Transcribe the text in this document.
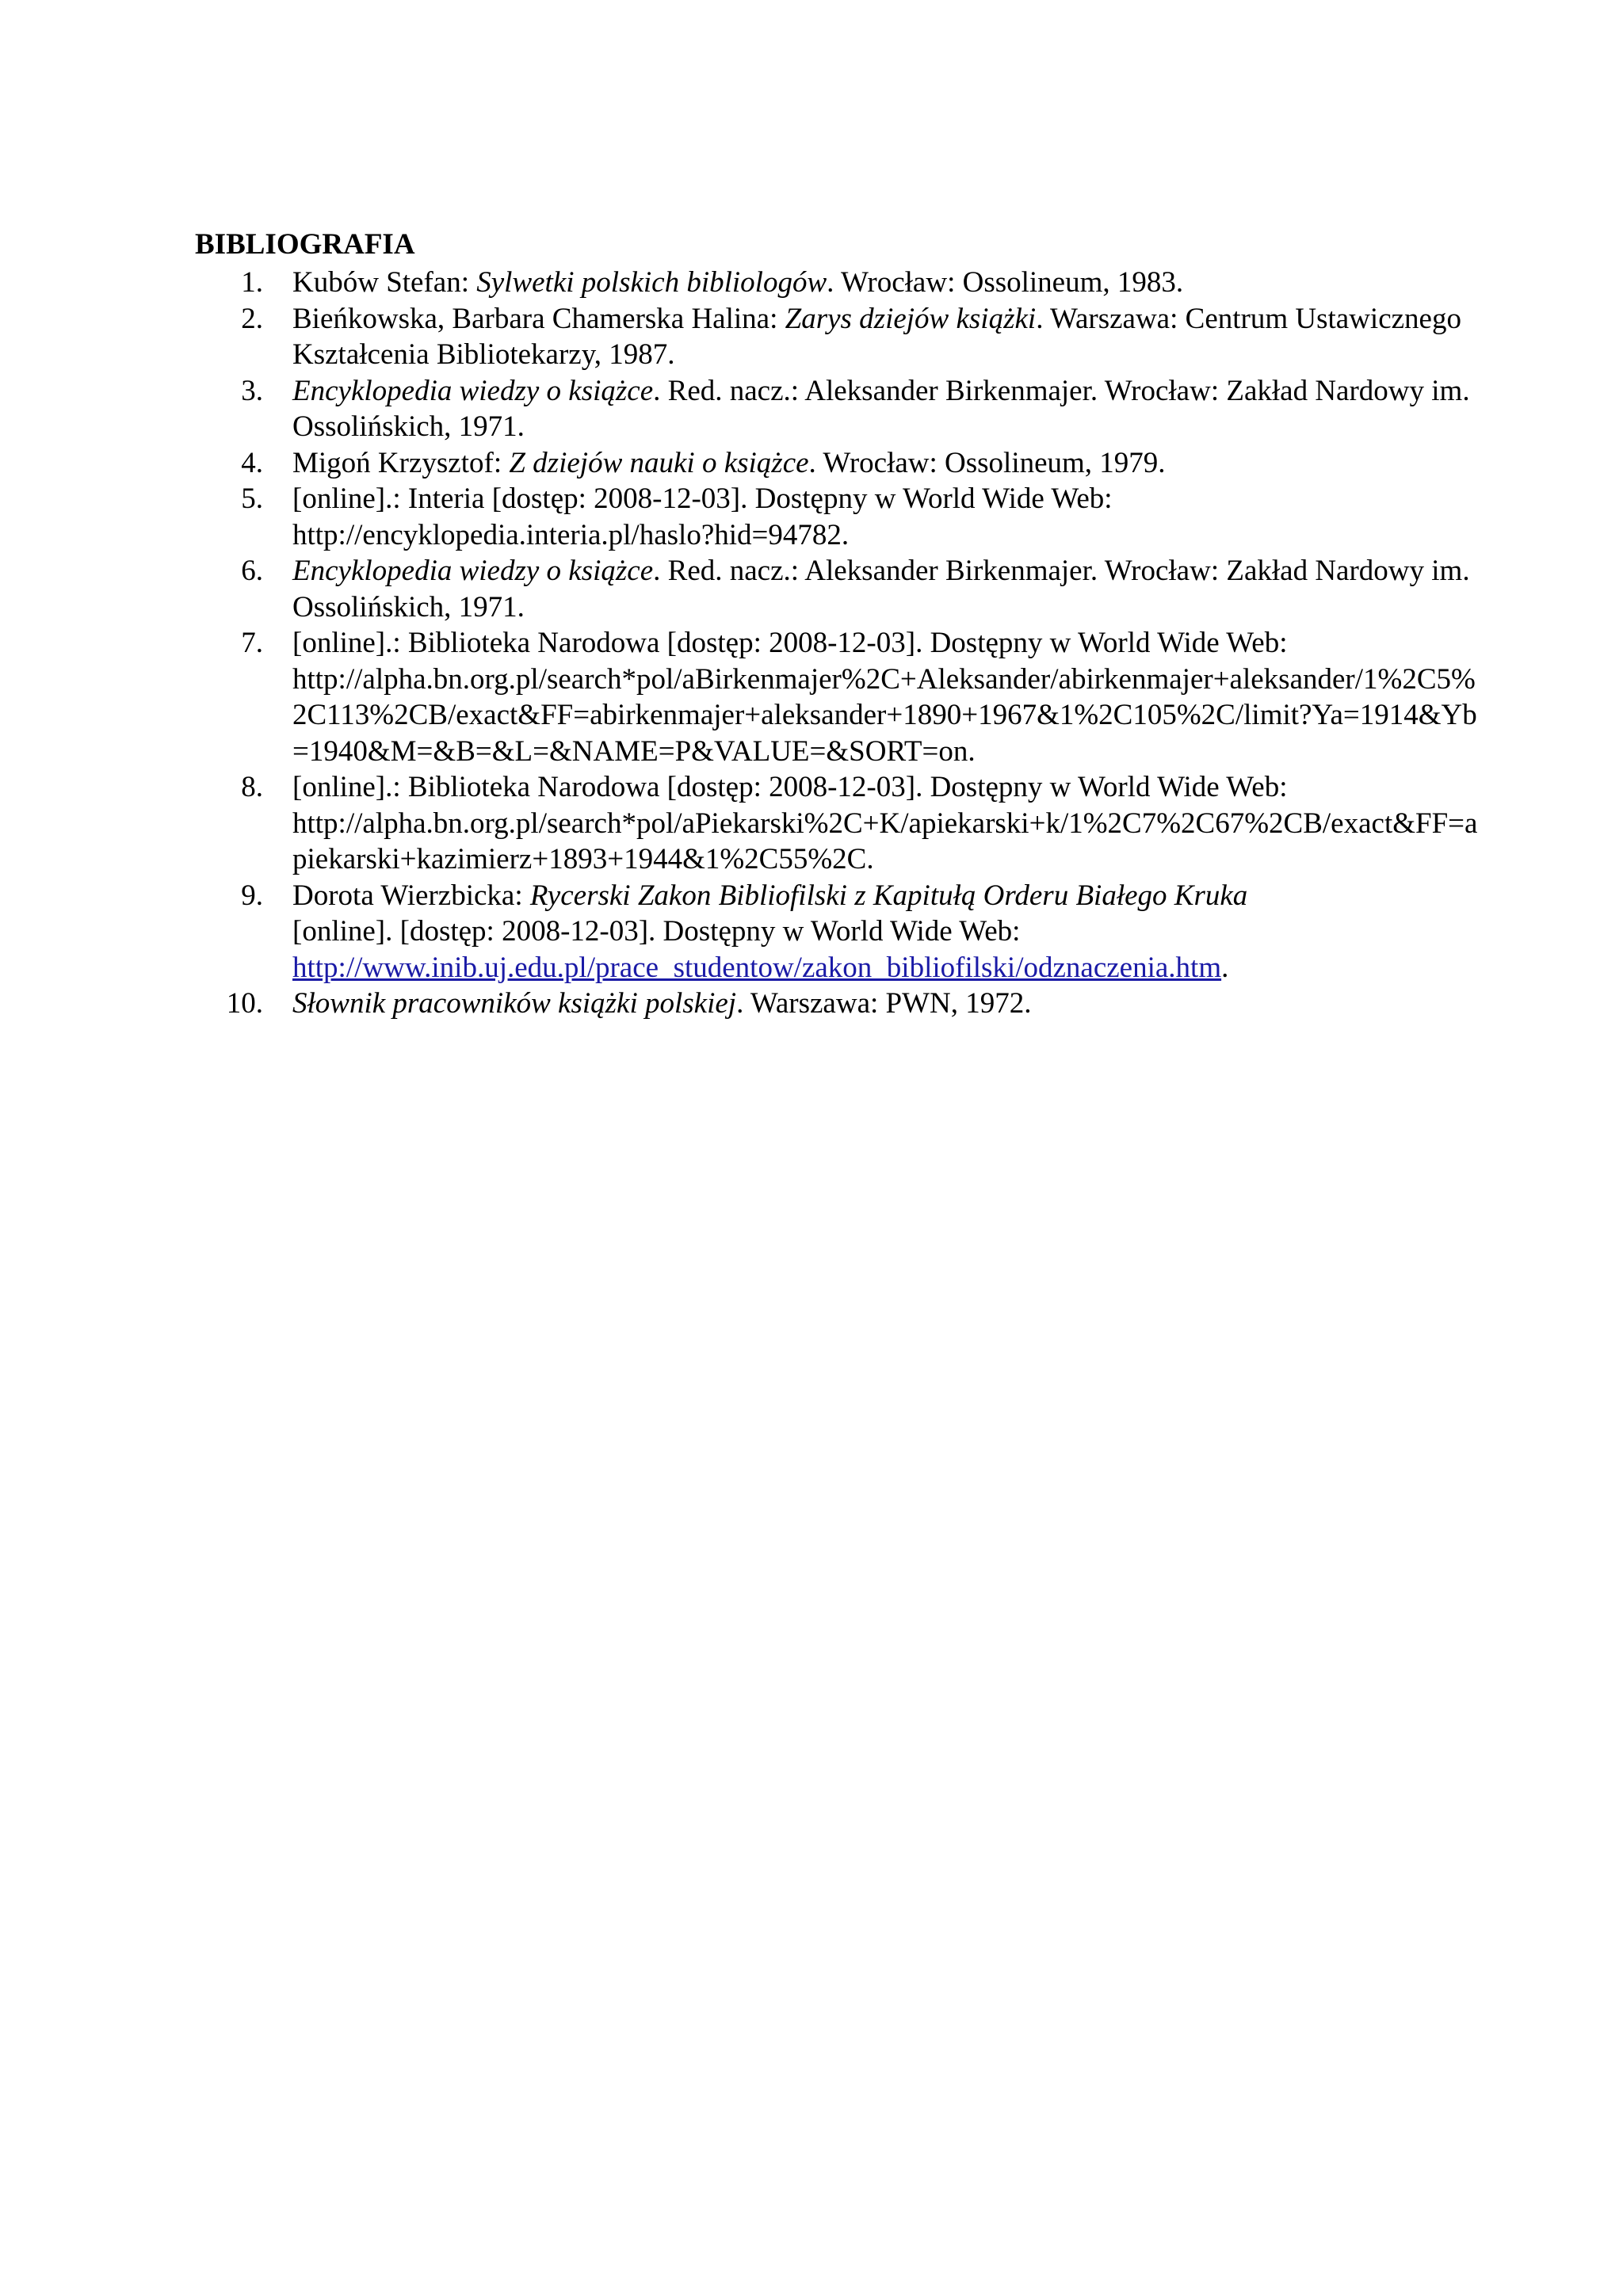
BIBLIOGRAFIA
1. Kubów Stefan: Sylwetki polskich bibliologów. Wrocław: Ossolineum, 1983.
2. Bieńkowska, Barbara Chamerska Halina: Zarys dziejów książki. Warszawa: Centrum Ustawicznego Kształcenia Bibliotekarzy, 1987.
3. Encyklopedia wiedzy o książce. Red. nacz.: Aleksander Birkenmajer. Wrocław: Zakład Nardowy im. Ossolińskich, 1971.
4. Migoń Krzysztof: Z dziejów nauki o książce. Wrocław: Ossolineum, 1979.
5. [online].: Interia [dostęp: 2008-12-03]. Dostępny w World Wide Web:
http://encyklopedia.interia.pl/haslo?hid=94782.
6. Encyklopedia wiedzy o książce. Red. nacz.: Aleksander Birkenmajer. Wrocław: Zakład Nardowy im. Ossolińskich, 1971.
7. [online].: Biblioteka Narodowa [dostęp: 2008-12-03]. Dostępny w World Wide Web:
http://alpha.bn.org.pl/search*pol/aBirkenmajer%2C+Aleksander/abirkenmajer+aleksander/1%2C5%2C113%2CB/exact&FF=abirkenmajer+aleksander+1890+1967&1%2C105%2C/limit?Ya=1914&Yb=1940&M=&B=&L=&NAME=P&VALUE=&SORT=on.
8. [online].: Biblioteka Narodowa [dostęp: 2008-12-03]. Dostępny w World Wide Web:
http://alpha.bn.org.pl/search*pol/aPiekarski%2C+K/apiekarski+k/1%2C7%2C67%2CB/exact&FF=apiekarski+kazimierz+1893+1944&1%2C55%2C.
9. Dorota Wierzbicka: Rycerski Zakon Bibliofilski z Kapitułą Orderu Białego Kruka
[online]. [dostęp: 2008-12-03]. Dostępny w World Wide Web:
http://www.inib.uj.edu.pl/prace_studentow/zakon_bibliofilski/odznaczenia.htm.
10. Słownik pracowników książki polskiej. Warszawa: PWN, 1972.
